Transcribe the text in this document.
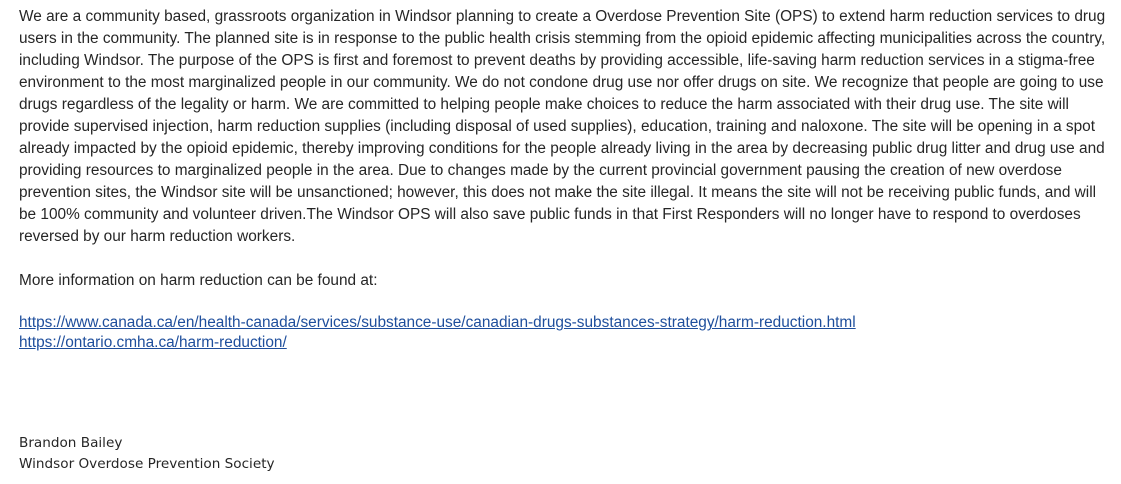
We are a community based, grassroots organization in Windsor planning to create a Overdose Prevention Site (OPS) to extend harm reduction services to drug users in the community. The planned site is in response to the public health crisis stemming from the opioid epidemic affecting municipalities across the country, including Windsor. The purpose of the OPS is first and foremost to prevent deaths by providing accessible, life-saving harm reduction services in a stigma-free environment to the most marginalized people in our community. We do not condone drug use nor offer drugs on site. We recognize that people are going to use drugs regardless of the legality or harm. We are committed to helping people make choices to reduce the harm associated with their drug use. The site will provide supervised injection, harm reduction supplies (including disposal of used supplies), education, training and naloxone. The site will be opening in a spot already impacted by the opioid epidemic, thereby improving conditions for the people already living in the area by decreasing public drug litter and drug use and providing resources to marginalized people in the area. Due to changes made by the current provincial government pausing the creation of new overdose prevention sites, the Windsor site will be unsanctioned; however, this does not make the site illegal. It means the site will not be receiving public funds, and will be 100% community and volunteer driven.The Windsor OPS will also save public funds in that First Responders will no longer have to respond to overdoses reversed by our harm reduction workers.

More information on harm reduction can be found at:

https://www.canada.ca/en/health-canada/services/substance-use/canadian-drugs-substances-strategy/harm-reduction.html
https://ontario.cmha.ca/harm-reduction/
Brandon Bailey
Windsor Overdose Prevention Society
